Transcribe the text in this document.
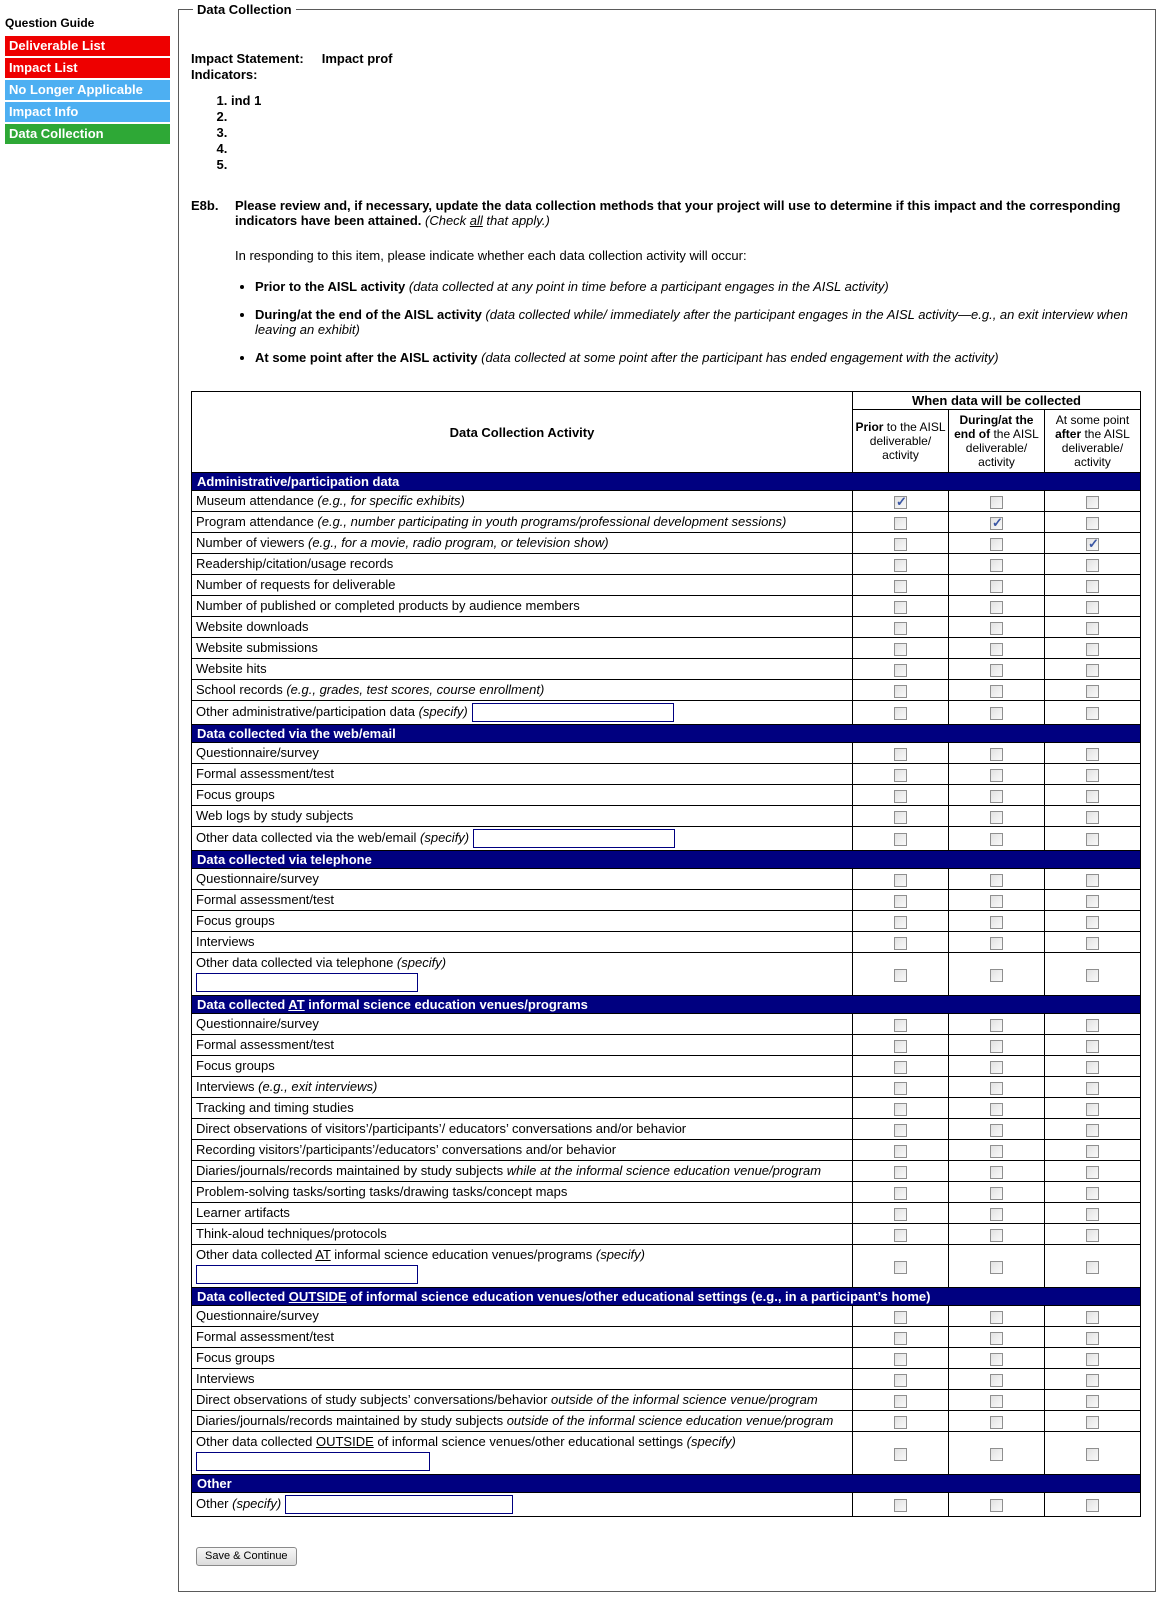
Question Guide
Deliverable List
Impact List
No Longer Applicable
Impact Info
Data Collection
Data Collection
Impact Statement: Impact prof
Indicators:
1. ind 1
2.
3.
4.
5.
E8b.	Please review and, if necessary, update the data collection methods that your project will use to determine if this impact and the corresponding indicators have been attained. (Check all that apply.)
In responding to this item, please indicate whether each data collection activity will occur:
• Prior to the AISL activity (data collected at any point in time before a participant engages in the AISL activity)
• During/at the end of the AISL activity (data collected while/ immediately after the participant engages in the AISL activity—e.g., an exit interview when leaving an exhibit)
• At some point after the AISL activity (data collected at some point after the participant has ended engagement with the activity)
Data Collection Activity	When data will be collected		
	Prior to the AISL deliverable/ activity	During/at the end of the AISL deliverable/ activity	At some point after the AISL deliverable/ activity
Administrative/participation data			
Museum attendance (e.g., for specific exhibits)	✓		
Program attendance (e.g., number participating in youth programs/professional development sessions)		✓	
Number of viewers (e.g., for a movie, radio program, or television show)			✓
Readership/citation/usage records			
Number of requests for deliverable			
Number of published or completed products by audience members			
Website downloads			
Website submissions			
Website hits			
School records (e.g., grades, test scores, course enrollment)			
Other administrative/participation data (specify)			
Data collected via the web/email			
Questionnaire/survey			
Formal assessment/test			
Focus groups			
Web logs by study subjects			
Other data collected via the web/email (specify)			
Data collected via telephone			
Questionnaire/survey			
Formal assessment/test			
Focus groups			
Interviews			
Other data collected via telephone (specify)

Data collected AT informal science education venues/programs			
Questionnaire/survey			
Formal assessment/test			
Focus groups			
Interviews (e.g., exit interviews)			
Tracking and timing studies			
Direct observations of visitors’/participants’/ educators’ conversations and/or behavior			
Recording visitors’/participants’/educators’ conversations and/or behavior			
Diaries/journals/records maintained by study subjects while at the informal science education venue/program			
Problem-solving tasks/sorting tasks/drawing tasks/concept maps			
Learner artifacts			
Think-aloud techniques/protocols			
Other data collected AT informal science education venues/programs (specify)

Data collected OUTSIDE of informal science education venues/other educational settings (e.g., in a participant’s home)			
Questionnaire/survey			
Formal assessment/test			
Focus groups			
Interviews			
Direct observations of study subjects’ conversations/behavior outside of the informal science venue/program			
Diaries/journals/records maintained by study subjects outside of the informal science education venue/program			
Other data collected OUTSIDE of informal science venues/other educational settings (specify)

Other			
Other (specify)			
Save & Continue
